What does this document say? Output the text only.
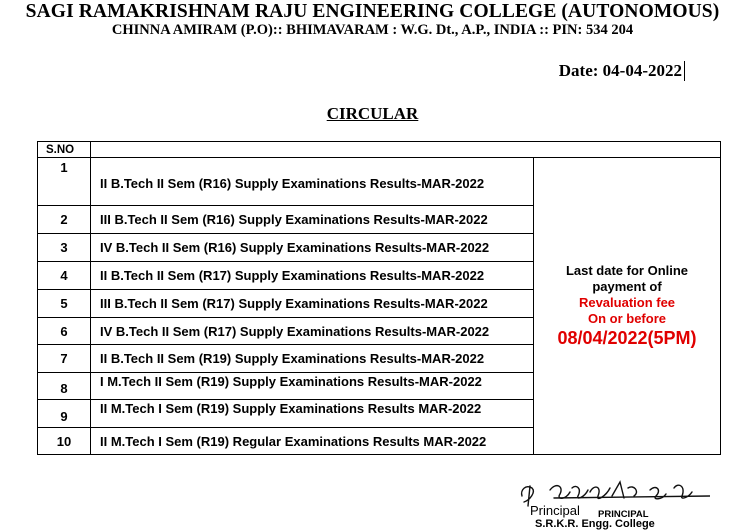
SAGI RAMAKRISHNAM RAJU ENGINEERING COLLEGE (AUTONOMOUS)
CHINNA AMIRAM (P.O):: BHIMAVARAM : W.G. Dt., A.P., INDIA :: PIN: 534 204
Date: 04-04-2022
CIRCULAR
S.NO		
1	II B.Tech II Sem (R16) Supply Examinations Results-MAR-2022	Last date for Online
payment of
Revaluation fee
On or before
08/04/2022(5PM)

2	III B.Tech II Sem (R16) Supply Examinations Results-MAR-2022	
3	IV B.Tech II Sem (R16) Supply Examinations Results-MAR-2022	
4	II B.Tech II Sem (R17) Supply Examinations Results-MAR-2022	
5	III B.Tech II Sem (R17) Supply Examinations Results-MAR-2022	
6	IV B.Tech II Sem (R17) Supply Examinations Results-MAR-2022	
7	II B.Tech II Sem (R19) Supply Examinations Results-MAR-2022	
8	I M.Tech II Sem (R19) Supply Examinations Results-MAR-2022	
9	II M.Tech I Sem (R19) Supply Examinations Results MAR-2022	
10	II M.Tech I Sem (R19) Regular Examinations Results MAR-2022	
Principal PRINCIPAL
S.R.K.R. Engg. College
